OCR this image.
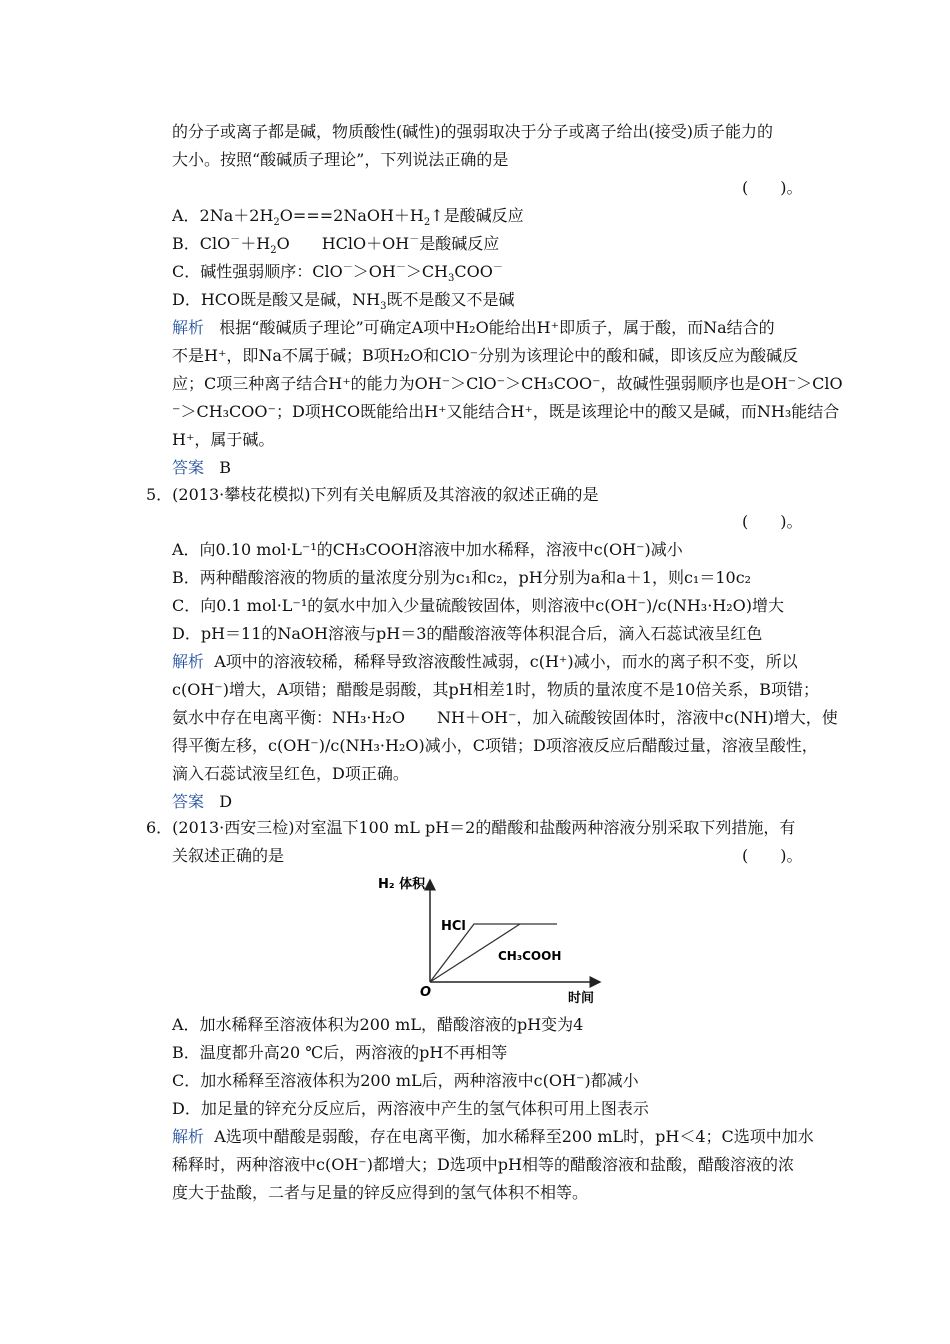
的分子或离子都是碱，物质酸性(碱性)的强弱取决于分子或离子给出(接受)质子能力的
大小。按照“酸碱质子理论”，下列说法正确的是
(　　)。
A．$2Na+2H_2O===2NaOH+H_2↑$是酸碱反应
B．$ClO^-+H_2O$　　HClO＋OH－是酸碱反应
C．碱性强弱顺序：$ClO^->OH^->CH_3COO^-$
D．HCO既是酸又是碱，$NH_3$既不是酸又不是碱
解析 根据“酸碱质子理论”可确定A项中H₂O能给出H⁺即质子，属于酸，而Na结合的
不是H⁺，即Na不属于碱；B项H₂O和ClO⁻分别为该理论中的酸和碱，即该反应为酸碱反
应；C项三种离子结合H⁺的能力为OH⁻＞ClO⁻＞CH₃COO⁻，故碱性强弱顺序也是OH⁻＞ClO
⁻＞CH₃COO⁻；D项HCO既能给出H⁺又能结合H⁺，既是该理论中的酸又是碱，而NH₃能结合
H⁺，属于碱。
答案 B
5．(2013·攀枝花模拟)下列有关电解质及其溶液的叙述正确的是
(　　)。
A．向0.10 mol·L⁻¹的CH₃COOH溶液中加水稀释，溶液中c(OH⁻)减小
B．两种醋酸溶液的物质的量浓度分别为c₁和c₂，pH分别为a和a＋1，则c₁＝10c₂
C．向0.1 mol·L⁻¹的氨水中加入少量硫酸铵固体，则溶液中c(OH⁻)/c(NH₃·H₂O)增大
D．pH＝11的NaOH溶液与pH＝3的醋酸溶液等体积混合后，滴入石蕊试液呈红色
解析 A项中的溶液较稀，稀释导致溶液酸性减弱，c(H⁺)减小，而水的离子积不变，所以
c(OH⁻)增大，A项错；醋酸是弱酸，其pH相差1时，物质的量浓度不是10倍关系，B项错；
氨水中存在电离平衡：NH₃·H₂O　　NH＋OH⁻，加入硫酸铵固体时，溶液中c(NH)增大，使
得平衡左移，c(OH⁻)/c(NH₃·H₂O)减小，C项错；D项溶液反应后醋酸过量，溶液呈酸性，
滴入石蕊试液呈红色，D项正确。
答案 D
6．(2013·西安三检)对室温下100 mL pH＝2的醋酸和盐酸两种溶液分别采取下列措施，有
关叙述正确的是	(　　)。
H₂ 体积
时间
O
HCl
CH₃COOH
A．加水稀释至溶液体积为200 mL，醋酸溶液的pH变为4
B．温度都升高20 ℃后，两溶液的pH不再相等
C．加水稀释至溶液体积为200 mL后，两种溶液中c(OH⁻)都减小
D．加足量的锌充分反应后，两溶液中产生的氢气体积可用上图表示
解析 A选项中醋酸是弱酸，存在电离平衡，加水稀释至200 mL时，pH＜4；C选项中加水
稀释时，两种溶液中c(OH⁻)都增大；D选项中pH相等的醋酸溶液和盐酸，醋酸溶液的浓
度大于盐酸，二者与足量的锌反应得到的氢气体积不相等。
